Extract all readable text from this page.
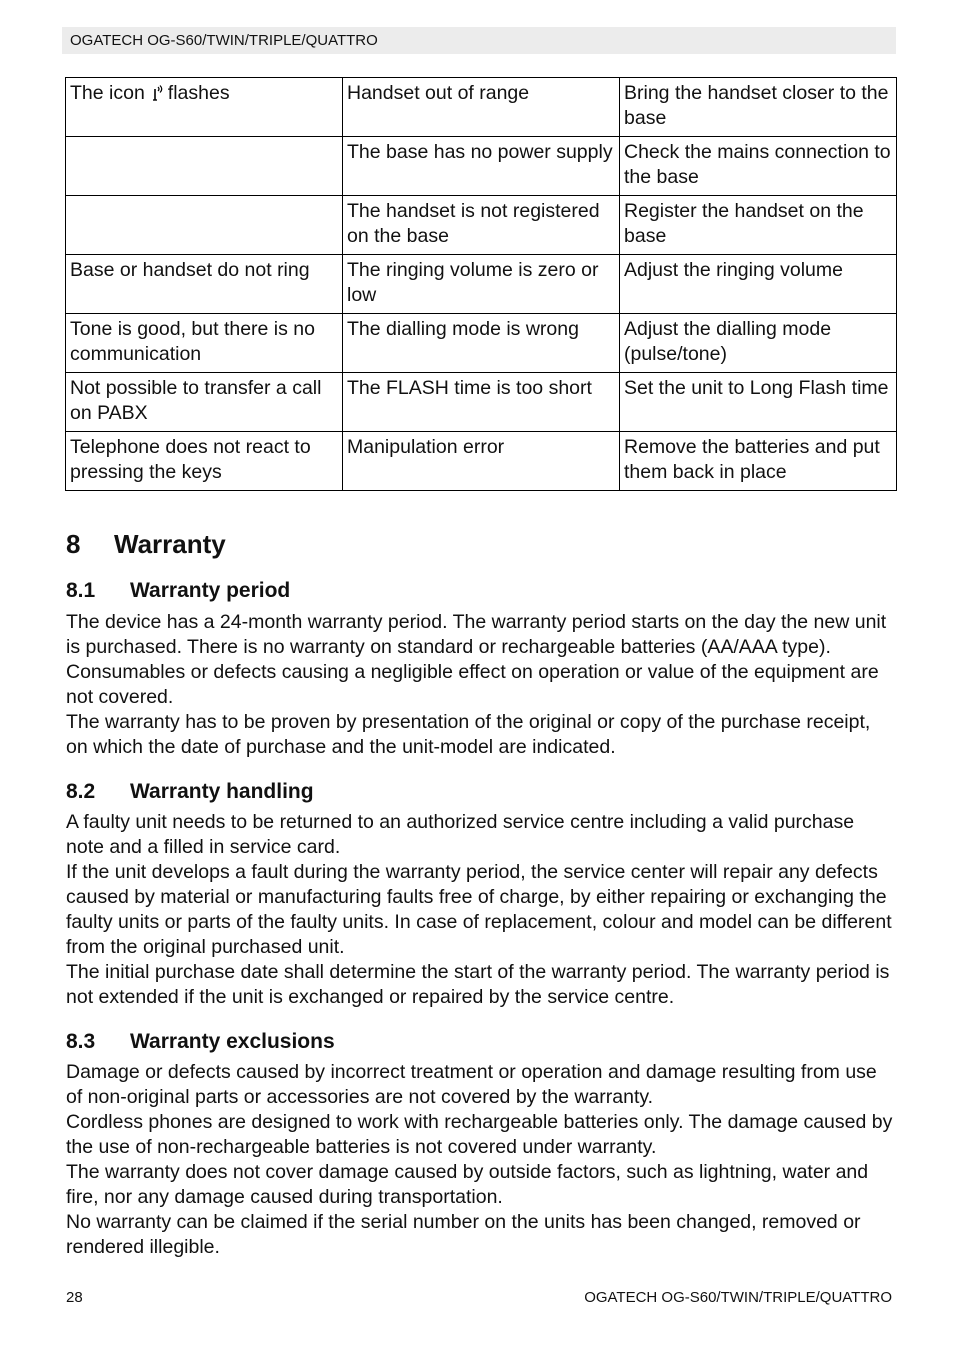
OGATECH OG-S60/TWIN/TRIPLE/QUATTRO
The icon flashes	Handset out of range	Bring the handset closer to the base
	The base has no power supply	Check the mains connection to the base
	The handset is not registered on the base	Register the handset on the base
Base or handset do not ring	The ringing volume is zero or low	Adjust the ringing volume
Tone is good, but there is no communication	The dialling mode is wrong	Adjust the dialling mode (pulse/tone)
Not possible to transfer a call on PABX	The FLASH time is too short	Set the unit to Long Flash time
Telephone does not react to pressing the keys	Manipulation error	Remove the batteries and put them back in place
8 Warranty
8.1 Warranty period

The device has a 24-month warranty period. The warranty period starts on the day the new unit is purchased. There is no warranty on standard or rechargeable batteries (AA/AAA type). Consumables or defects causing a negligible effect on operation or value of the equipment are not covered.

The warranty has to be proven by presentation of the original or copy of the purchase receipt, on which the date of purchase and the unit-model are indicated.

8.2 Warranty handling

A faulty unit needs to be returned to an authorized service centre including a valid purchase note and a filled in service card.

If the unit develops a fault during the warranty period, the service center will repair any defects caused by material or manufacturing faults free of charge, by either repairing or exchanging the faulty units or parts of the faulty units. In case of replacement, colour and model can be different from the original purchased unit.

The initial purchase date shall determine the start of the warranty period. The warranty period is not extended if the unit is exchanged or repaired by the service centre.

8.3 Warranty exclusions

Damage or defects caused by incorrect treatment or operation and damage resulting from use of non-original parts or accessories are not covered by the warranty.

Cordless phones are designed to work with rechargeable batteries only. The damage caused by the use of non-rechargeable batteries is not covered under warranty.

The warranty does not cover damage caused by outside factors, such as lightning, water and fire, nor any damage caused during transportation.

No warranty can be claimed if the serial number on the units has been changed, removed or rendered illegible.

28	OGATECH OG-S60/TWIN/TRIPLE/QUATTRO
